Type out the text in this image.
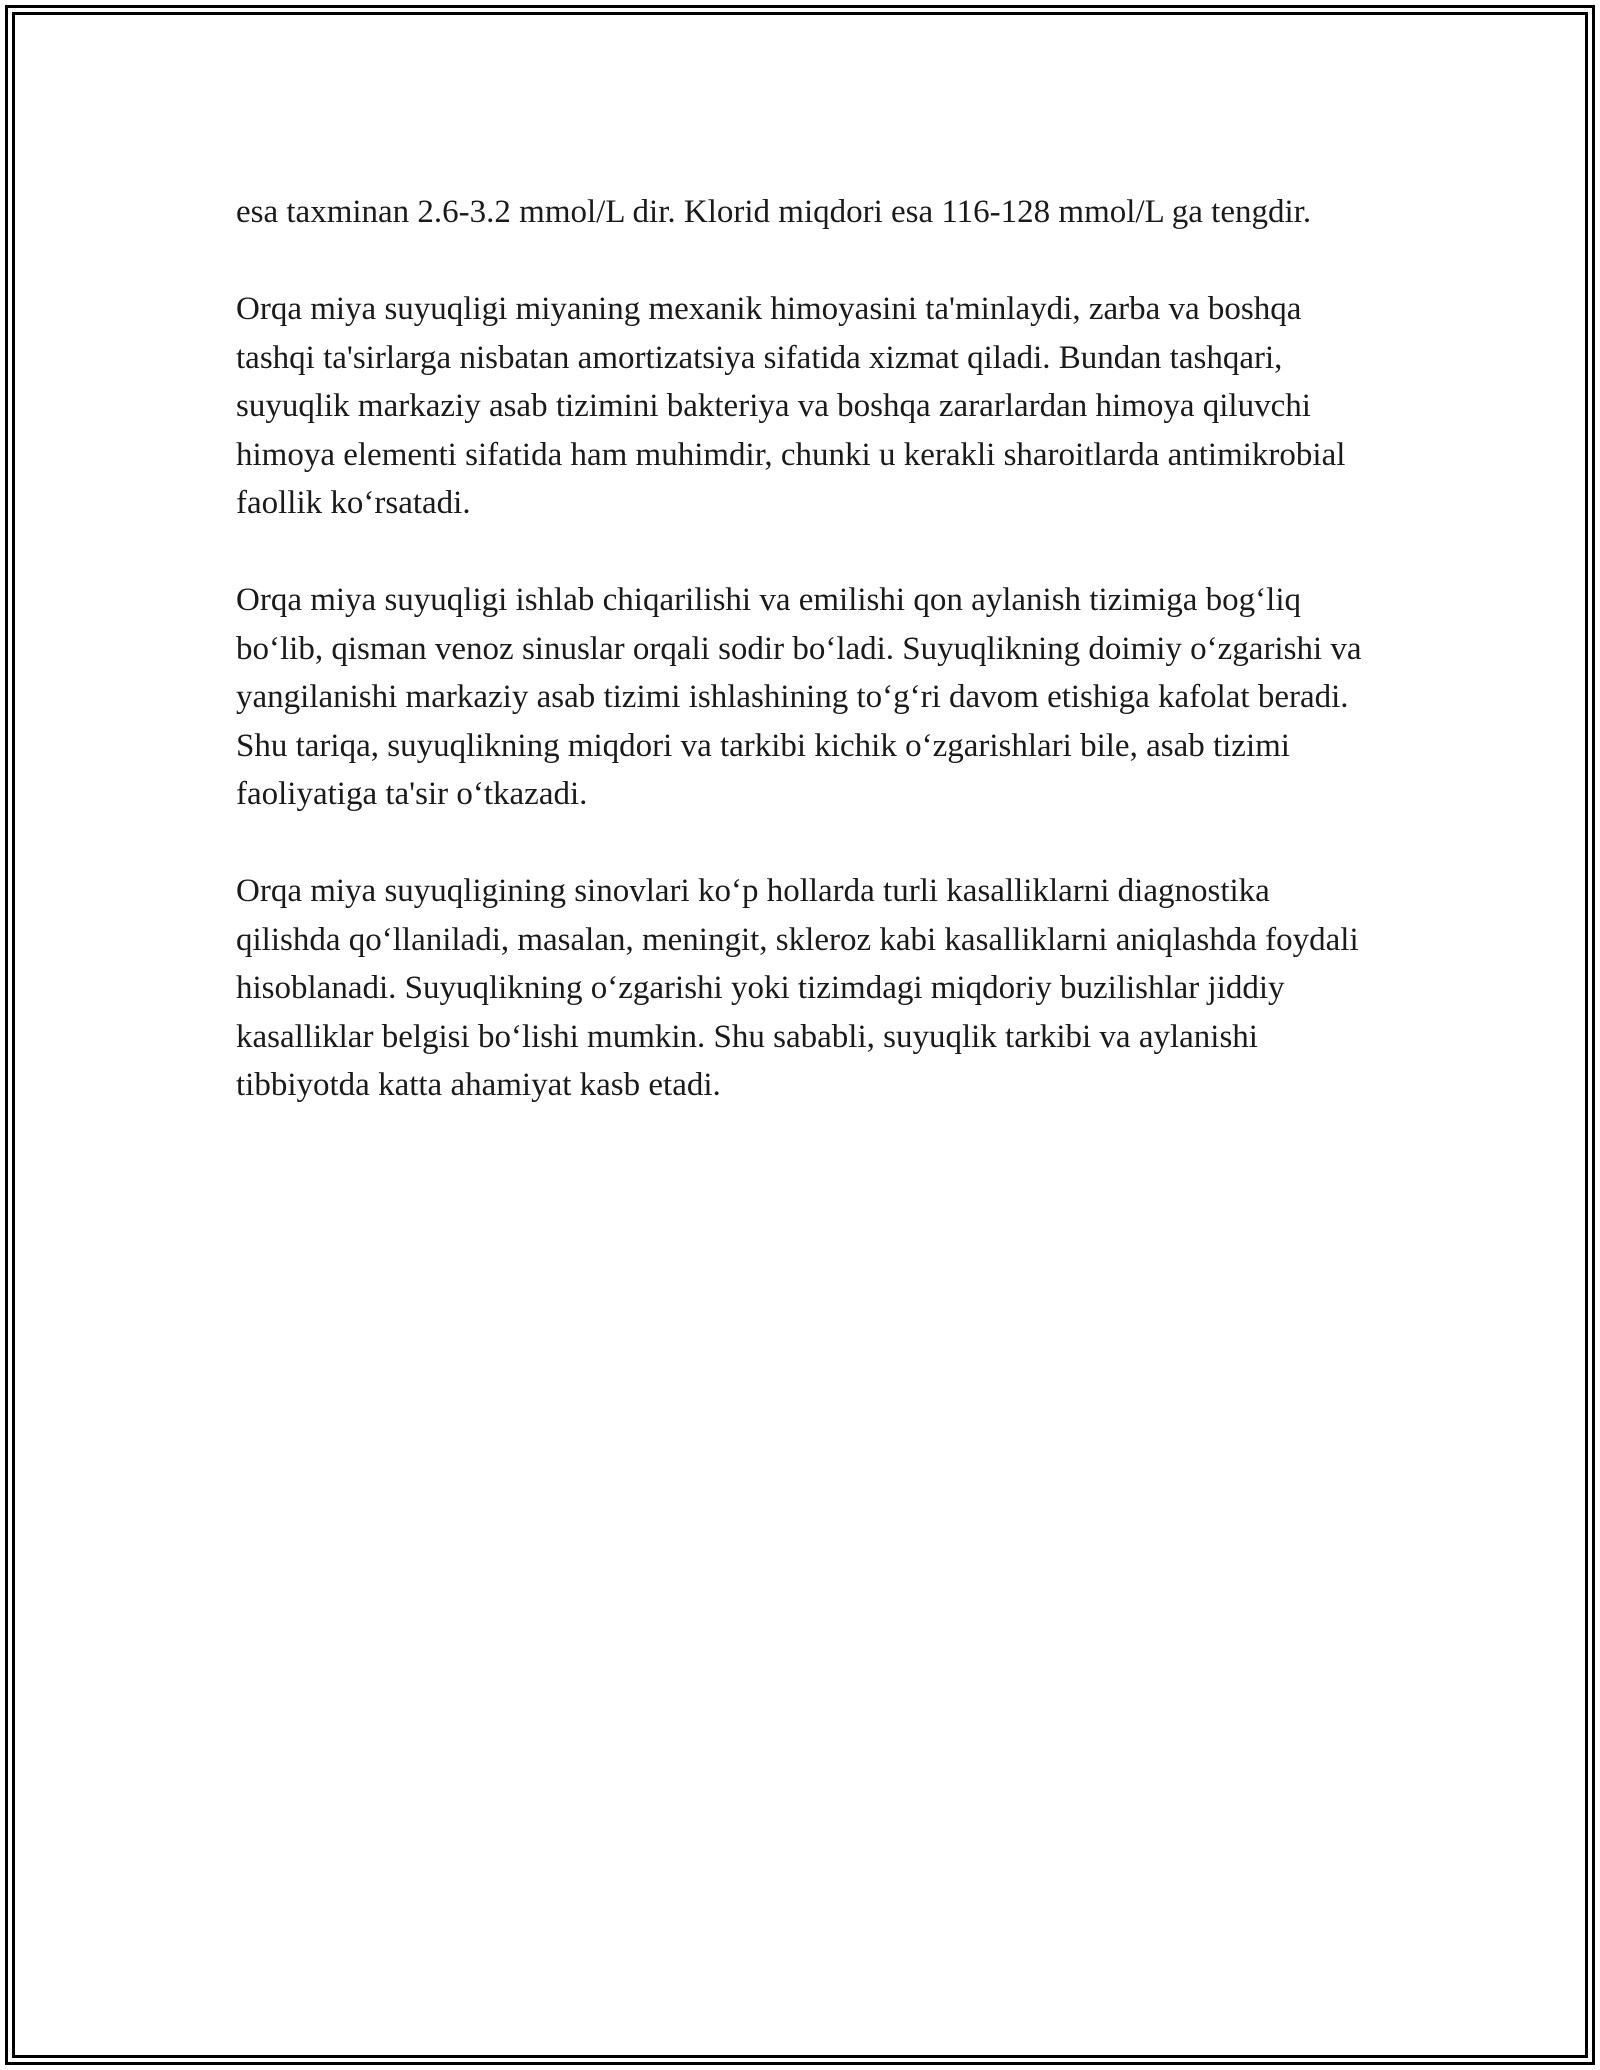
esa taxminan 2.6-3.2 mmol/L dir. Klorid miqdori esa 116-128 mmol/L ga tengdir.

Orqa miya suyuqligi miyaning mexanik himoyasini ta'minlaydi, zarba va boshqa tashqi ta'sirlarga nisbatan amortizatsiya sifatida xizmat qiladi. Bundan tashqari, suyuqlik markaziy asab tizimini bakteriya va boshqa zararlardan himoya qiluvchi himoya elementi sifatida ham muhimdir, chunki u kerakli sharoitlarda antimikrobial faollik koʻrsatadi.

Orqa miya suyuqligi ishlab chiqarilishi va emilishi qon aylanish tizimiga bogʻliq boʻlib, qisman venoz sinuslar orqali sodir boʻladi. Suyuqlikning doimiy oʻzgarishi va yangilanishi markaziy asab tizimi ishlashining toʻgʻri davom etishiga kafolat beradi. Shu tariqa, suyuqlikning miqdori va tarkibi kichik oʻzgarishlari bile, asab tizimi faoliyatiga ta'sir oʻtkazadi.

Orqa miya suyuqligining sinovlari koʻp hollarda turli kasalliklarni diagnostika qilishda qoʻllaniladi, masalan, meningit, skleroz kabi kasalliklarni aniqlashda foydali hisoblanadi. Suyuqlikning oʻzgarishi yoki tizimdagi miqdoriy buzilishlar jiddiy kasalliklar belgisi boʻlishi mumkin. Shu sababli, suyuqlik tarkibi va aylanishi tibbiyotda katta ahamiyat kasb etadi.
